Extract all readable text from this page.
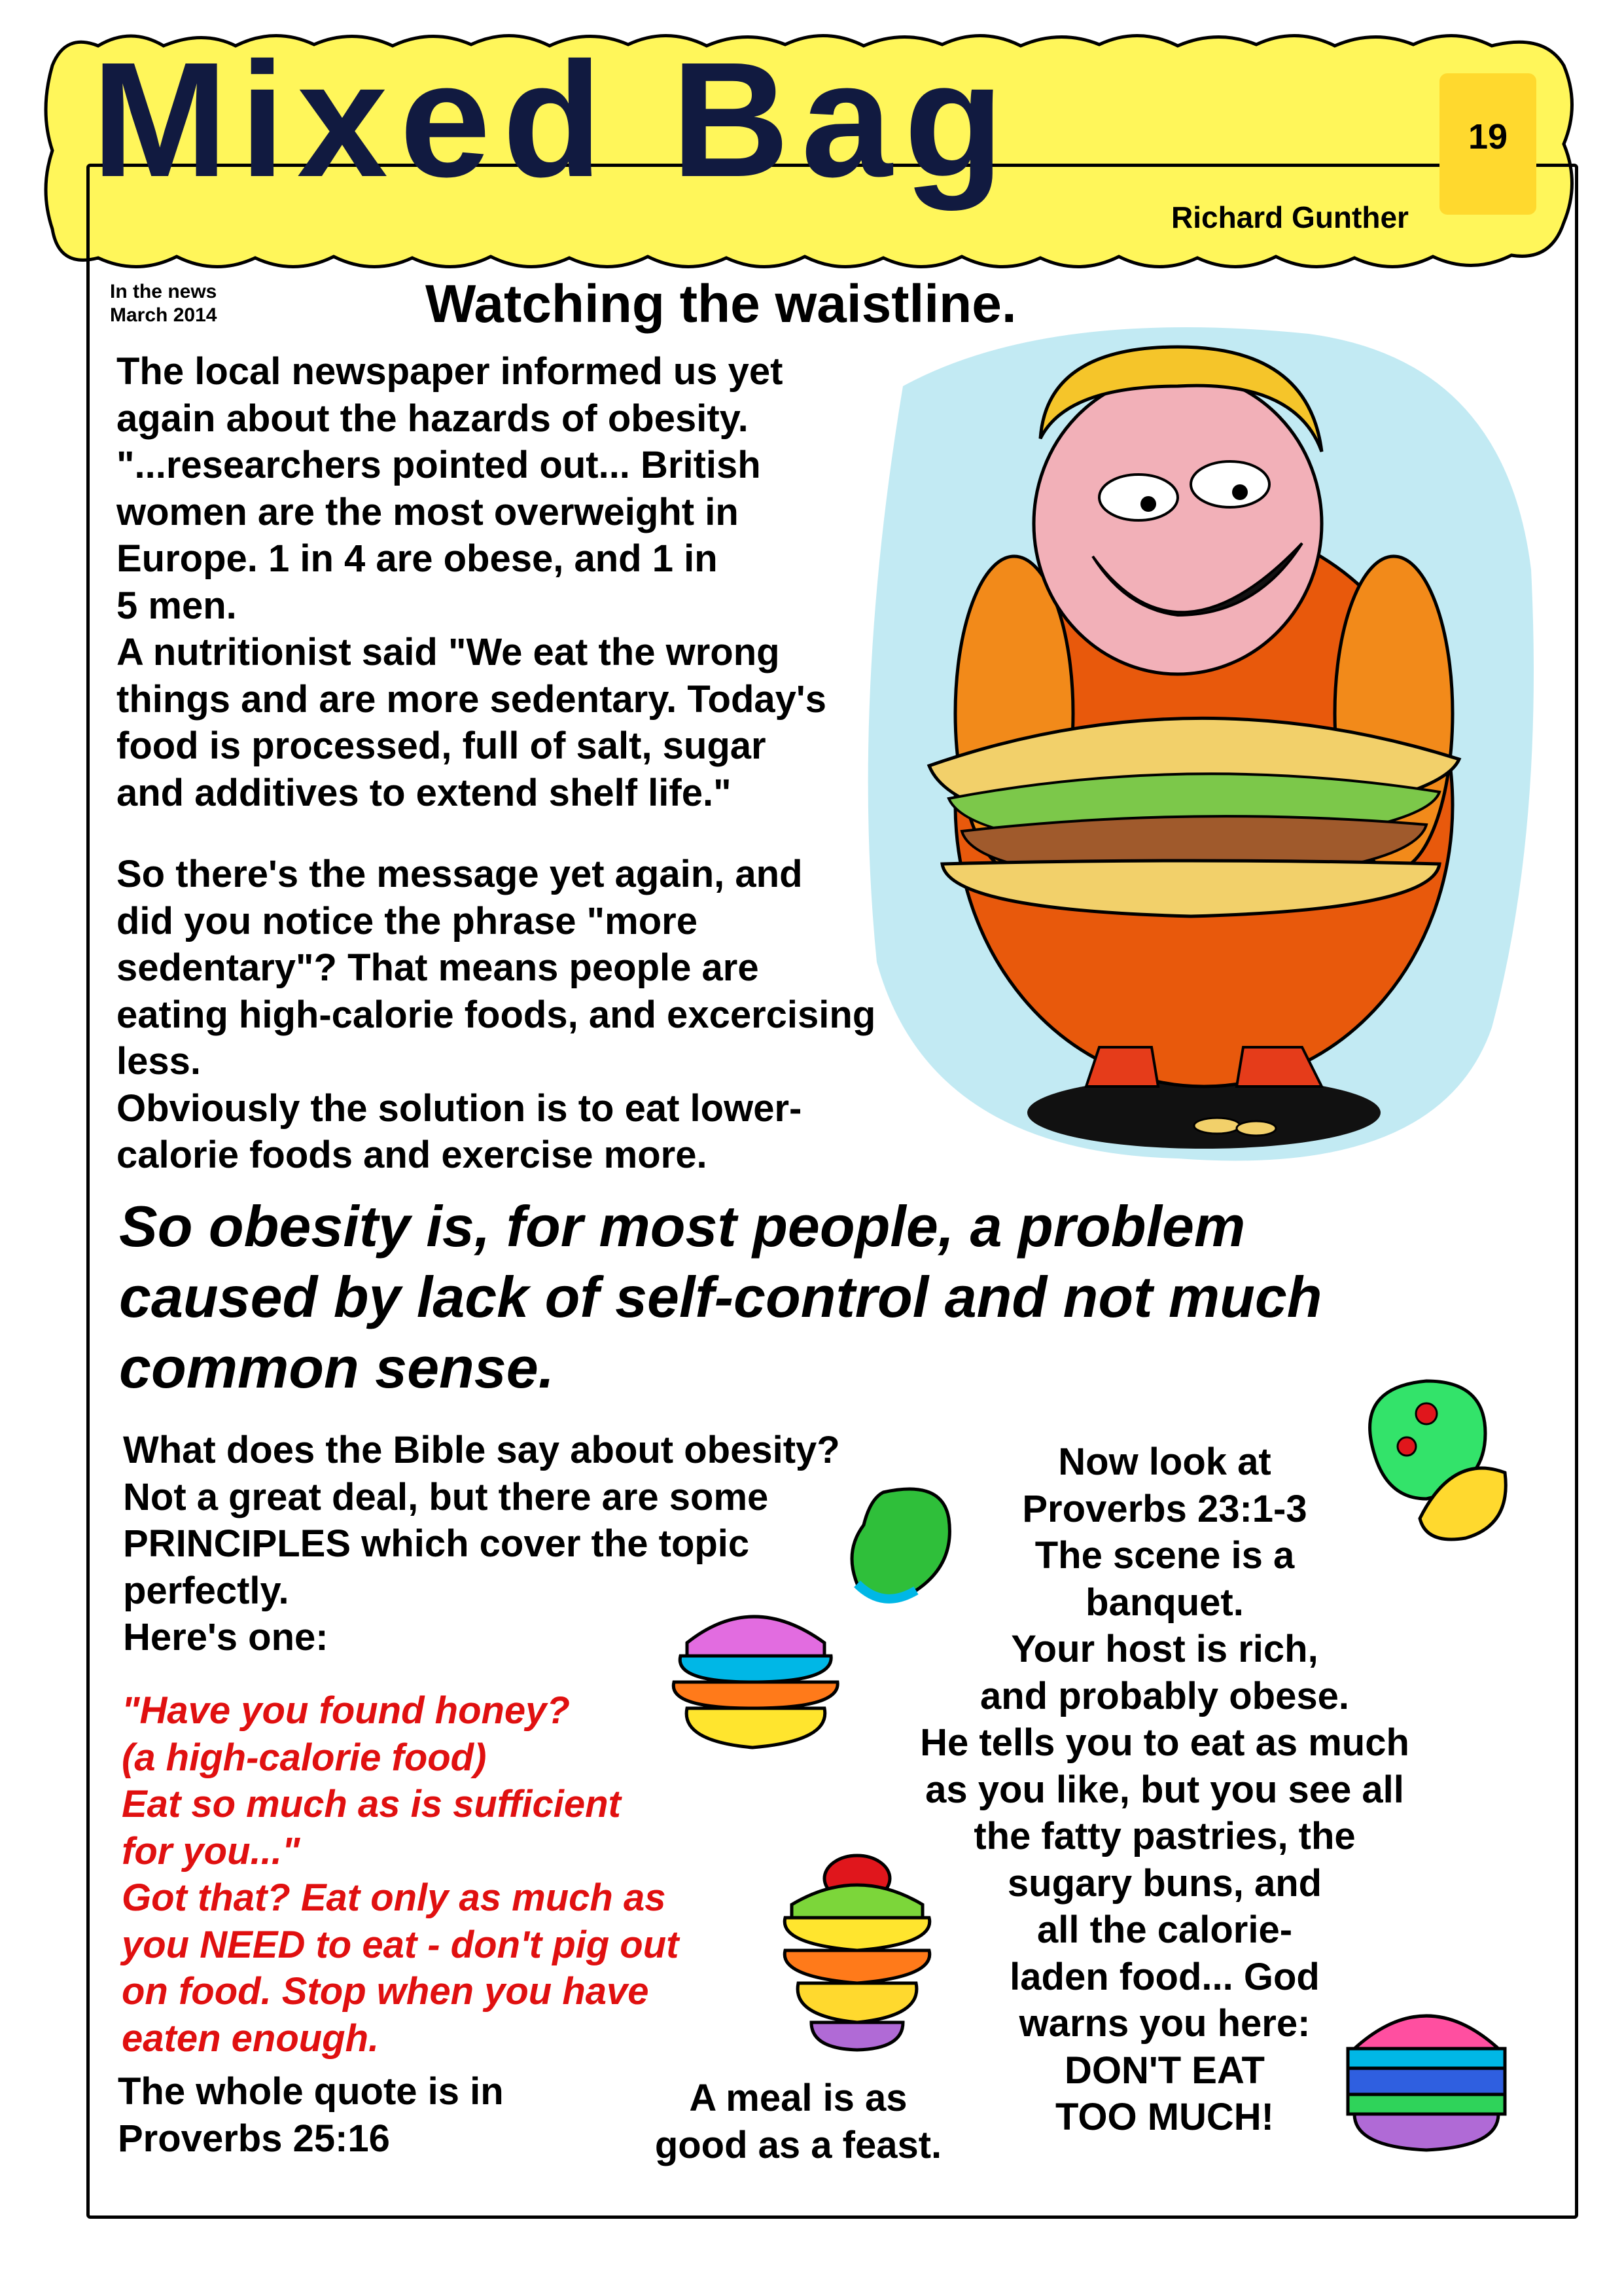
Mixed Bag	19
Richard Gunther
In the news
March 2014	Watching the waistline.
The local newspaper informed us yet
again about the hazards of obesity.
"...researchers pointed out... British
women are the most overweight in
Europe. 1 in 4 are obese, and 1 in
5 men.
A nutritionist said "We eat the wrong
things and are more sedentary. Today's
food is processed, full of salt, sugar
and additives to extend shelf life."
So there's the message yet again, and
did you notice the phrase "more
sedentary"? That means people are
eating high-calorie foods, and excercising
less.
Obviously the solution is to eat lower-
calorie foods and exercise more.
So obesity is, for most people, a problem
caused by lack of self-control and not much
common sense.
What does the Bible say about obesity?
Not a great deal, but there are some
PRINCIPLES which cover the topic
perfectly.
Here's one:
"Have you found honey?
(a high-calorie food)
Eat so much as is sufficient
for you..."
Got that? Eat only as much as
you NEED to eat - don't pig out
on food. Stop when you have
eaten enough.
The whole quote is in
Proverbs 25:16
A meal is as
good as a feast.
Now look at
Proverbs 23:1-3
The scene is a
banquet.
Your host is rich,
and probably obese.
He tells you to eat as much
as you like, but you see all
the fatty pastries, the
sugary buns, and
all the calorie-
laden food... God
warns you here:
DON'T EAT
TOO MUCH!
